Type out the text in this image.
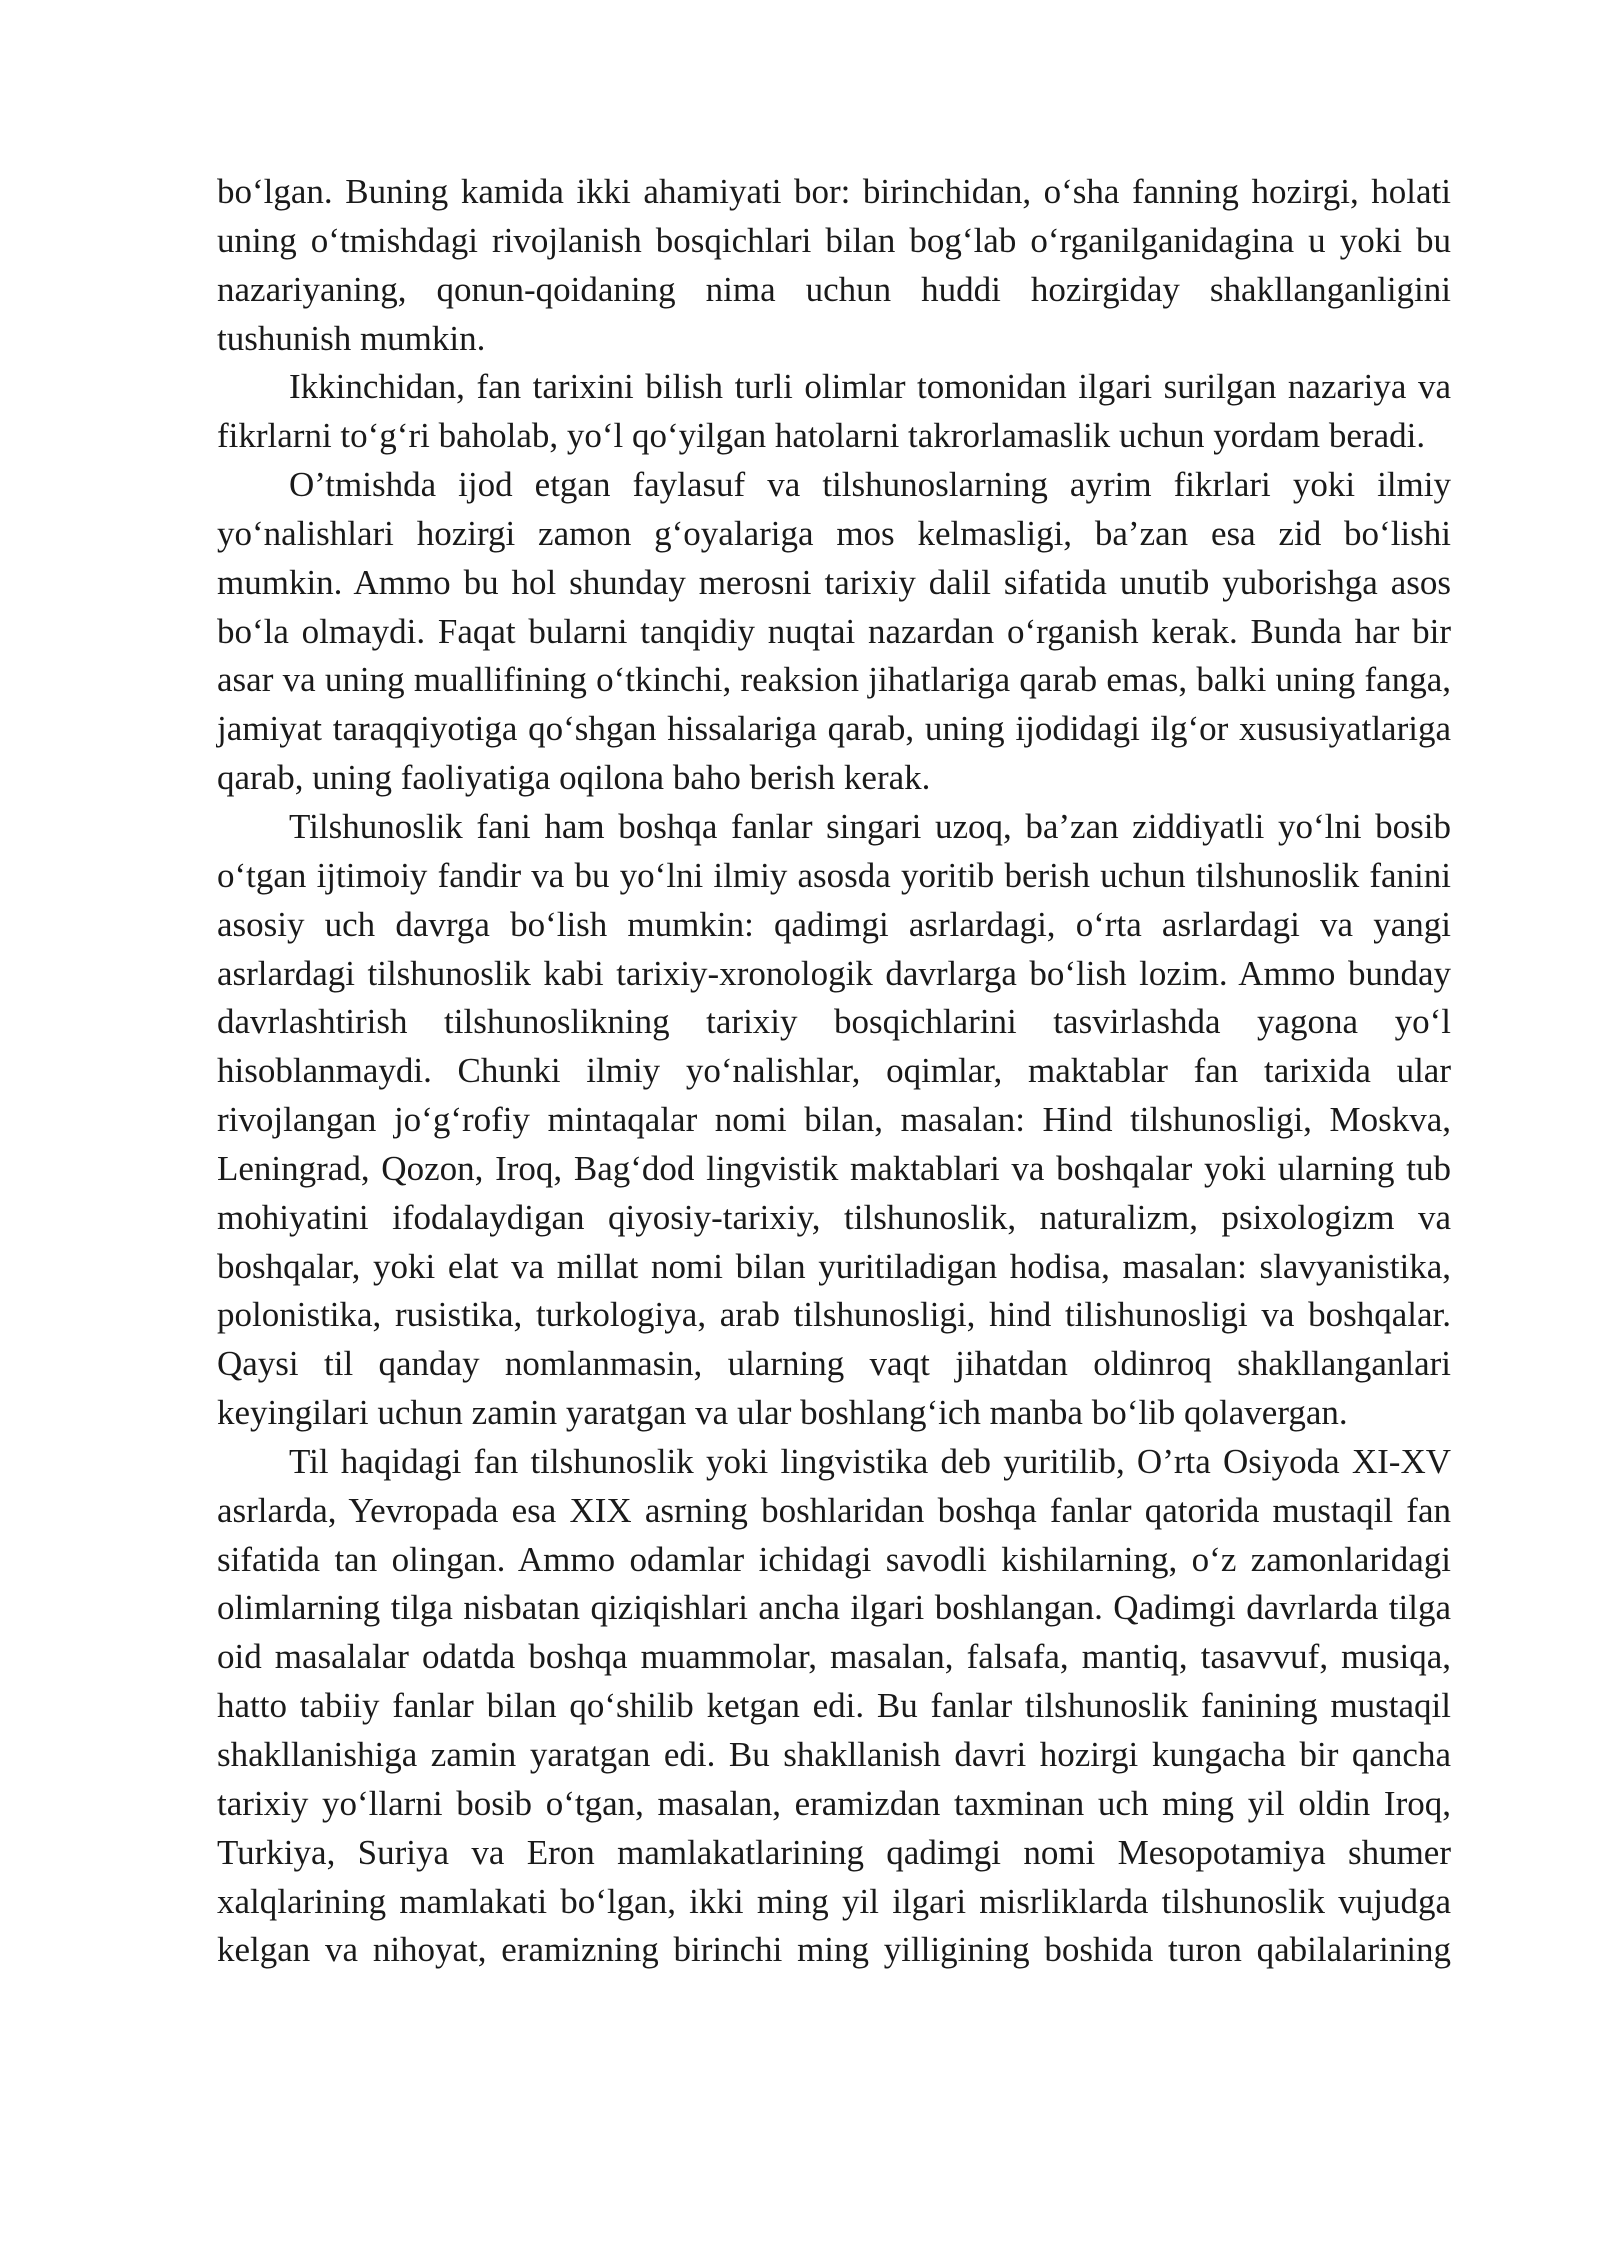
bo‘lgan. Buning kamida ikki ahamiyati bor: birinchidan, o‘sha fanning hozirgi, holati uning o‘tmishdagi rivojlanish bosqichlari bilan bog‘lab o‘rganilganidagina u yoki bu nazariyaning, qonun-qoidaning nima uchun huddi hozirgiday shakllanganligini tushunish mumkin.

Ikkinchidan, fan tarixini bilish turli olimlar tomonidan ilgari surilgan nazariya va fikrlarni to‘g‘ri baholab, yo‘l qo‘yilgan hatolarni takrorlamaslik uchun yordam beradi.

O’tmishda ijod etgan faylasuf va tilshunoslarning ayrim fikrlari yoki ilmiy yo‘nalishlari hozirgi zamon g‘oyalariga mos kelmasligi, ba’zan esa zid bo‘lishi mumkin. Ammo bu hol shunday merosni tarixiy dalil sifatida unutib yuborishga asos bo‘la olmaydi. Faqat bularni tanqidiy nuqtai nazardan o‘rganish kerak. Bunda har bir asar va uning muallifining o‘tkinchi, reaksion jihatlariga qarab emas, balki uning fanga, jamiyat taraqqiyotiga qo‘shgan hissalariga qarab, uning ijodidagi ilg‘or xususiyatlariga qarab, uning faoliyatiga oqilona baho berish kerak.

Tilshunoslik fani ham boshqa fanlar singari uzoq, ba’zan ziddiyatli yo‘lni bosib o‘tgan ijtimoiy fandir va bu yo‘lni ilmiy asosda yoritib berish uchun tilshunoslik fanini asosiy uch davrga bo‘lish mumkin: qadimgi asrlardagi, o‘rta asrlardagi va yangi asrlardagi tilshunoslik kabi tarixiy-xronologik davrlarga bo‘lish lozim. Ammo bunday davrlashtirish tilshunoslikning tarixiy bosqichlarini tasvirlashda yagona yo‘l hisoblanmaydi. Chunki ilmiy yo‘nalishlar, oqimlar, maktablar fan tarixida ular rivojlangan jo‘g‘rofiy mintaqalar nomi bilan, masalan: Hind tilshunosligi, Moskva, Leningrad, Qozon, Iroq, Bag‘dod lingvistik maktablari va boshqalar yoki ularning tub mohiyatini ifodalaydigan qiyosiy-tarixiy, tilshunoslik, naturalizm, psixologizm va boshqalar, yoki elat va millat nomi bilan yuritiladigan hodisa, masalan: slavyanistika, polonistika, rusistika, turkologiya, arab tilshunosligi, hind tilishunosligi va boshqalar. Qaysi til qanday nomlanmasin, ularning vaqt jihatdan oldinroq shakllanganlari keyingilari uchun zamin yaratgan va ular boshlang‘ich manba bo‘lib qolavergan.

Til haqidagi fan tilshunoslik yoki lingvistika deb yuritilib, O’rta Osiyoda XI-XV asrlarda, Yevropada esa XIX asrning boshlaridan boshqa fanlar qatorida mustaqil fan sifatida tan olingan. Ammo odamlar ichidagi savodli kishilarning, o‘z zamonlaridagi olimlarning tilga nisbatan qiziqishlari ancha ilgari boshlangan. Qadimgi davrlarda tilga oid masalalar odatda boshqa muammolar, masalan, falsafa, mantiq, tasavvuf, musiqa, hatto tabiiy fanlar bilan qo‘shilib ketgan edi. Bu fanlar tilshunoslik fanining mustaqil shakllanishiga zamin yaratgan edi. Bu shakllanish davri hozirgi kungacha bir qancha tarixiy yo‘llarni bosib o‘tgan, masalan, eramizdan taxminan uch ming yil oldin Iroq, Turkiya, Suriya va Eron mamlakatlarining qadimgi nomi Mesopotamiya shumer xalqlarining mamlakati bo‘lgan, ikki ming yil ilgari misrliklarda tilshunoslik vujudga kelgan va nihoyat, eramizning birinchi ming yilligining boshida turon qabilalarining
